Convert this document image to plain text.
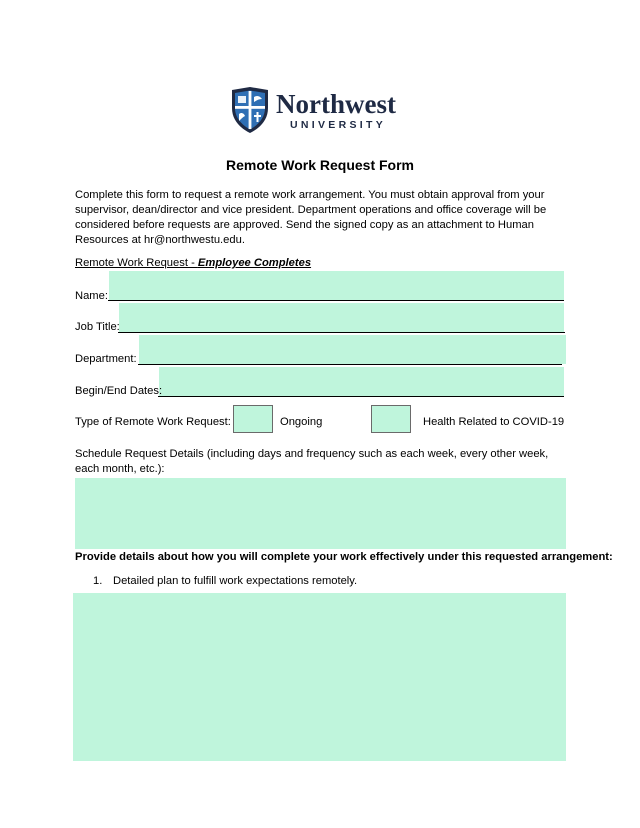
Northwest
UNIVERSITY
Remote Work Request Form
Complete this form to request a remote work arrangement. You must obtain approval from your supervisor, dean/director and vice president. Department operations and office coverage will be considered before requests are approved. Send the signed copy as an attachment to Human Resources at hr@northwestu.edu.
Remote Work Request - Employee Completes
Name:
Job Title:
Department:
Begin/End Dates:
Type of Remote Work Request:	Ongoing	Health Related to COVID-19
Schedule Request Details (including days and frequency such as each week, every other week, each month, etc.):
Provide details about how you will complete your work effectively under this requested arrangement:
1. Detailed plan to fulfill work expectations remotely.
